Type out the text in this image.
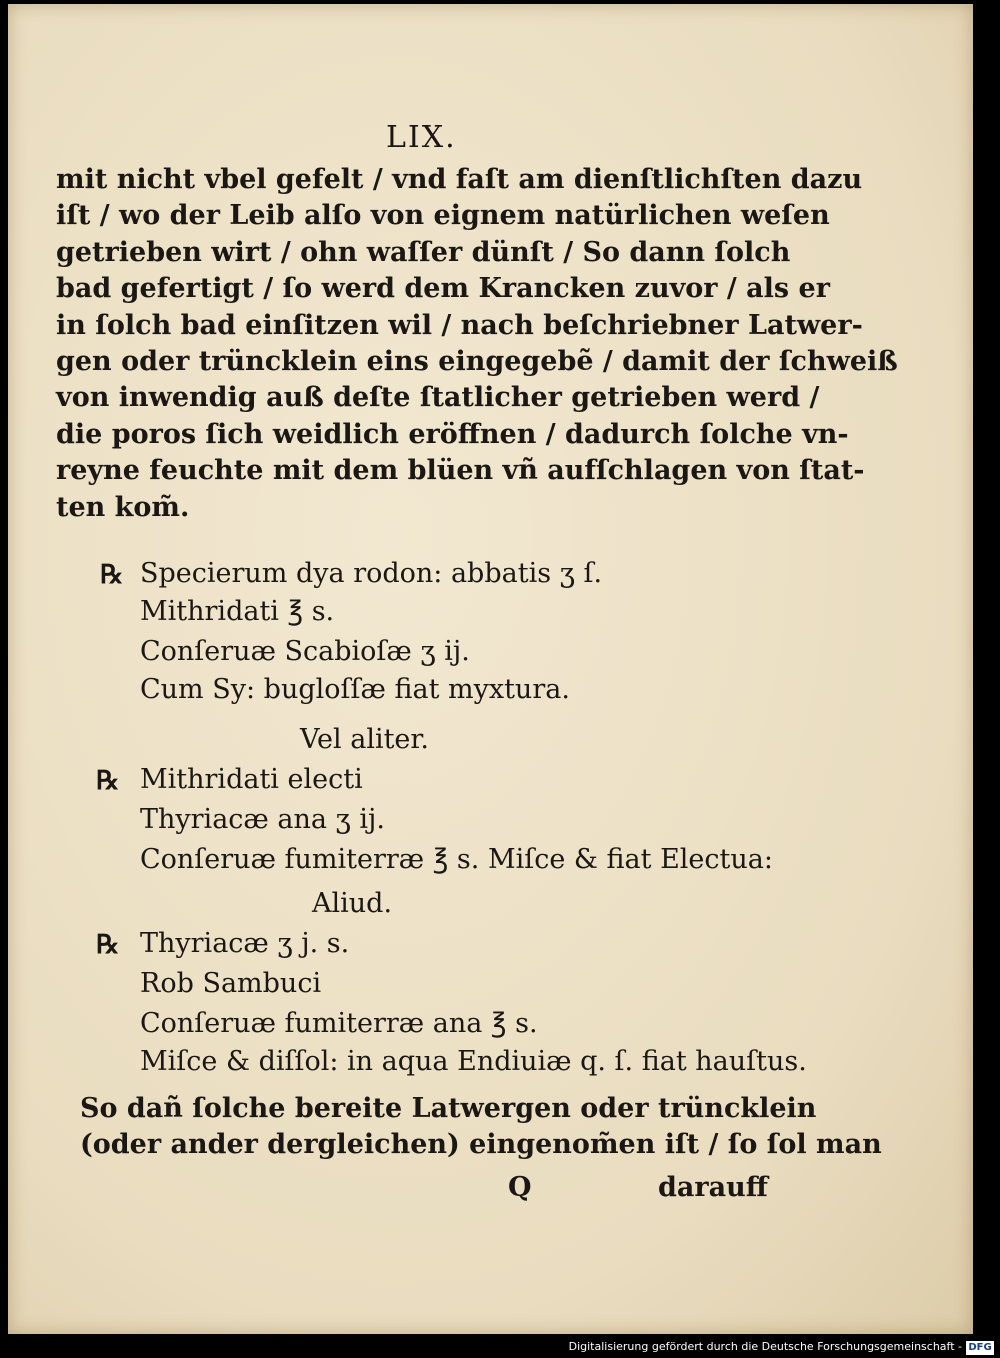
LIX.
mit nicht vbel gefelt / vnd faſt am dienſtlichſten dazu
iſt / wo der Leib alſo von eignem natürlichen weſen
getrieben wirt / ohn waſſer dünſt / So dann ſolch
bad gefertigt / ſo werd dem Krancken zuvor / als er
in ſolch bad einſitzen wil / nach beſchriebner Latwer-
gen oder trüncklein eins eingegebẽ / damit der ſchweiß
von inwendig auß deſte ſtatlicher getrieben werd /
die poros ſich weidlich eröffnen / dadurch ſolche vn-
reyne feuchte mit dem blüen vñ aufſchlagen von ſtat-
ten kom̃.
℞ Specierum dya rodon: abbatis ʒ ſ.
Mithridati ℥ s.
Conſeruæ Scabioſæ ʒ ij.
Cum Sy: bugloſſæ fiat myxtura.
Vel aliter.
℞ Mithridati electi
Thyriacæ ana ʒ ij.
Conſeruæ fumiterræ ℥ s. Miſce & fiat Electua:
Aliud.
℞ Thyriacæ ʒ j. s.
Rob Sambuci
Conſeruæ fumiterræ ana ℥ s.
Miſce & diſſol: in aqua Endiuiæ q. ſ. fiat hauſtus.
So dañ ſolche bereite Latwergen oder trüncklein
(oder ander dergleichen) eingenom̃en iſt / ſo ſol man
Q	darauff
Digitalisierung gefördert durch die Deutsche Forschungsgemeinschaft - DFG
